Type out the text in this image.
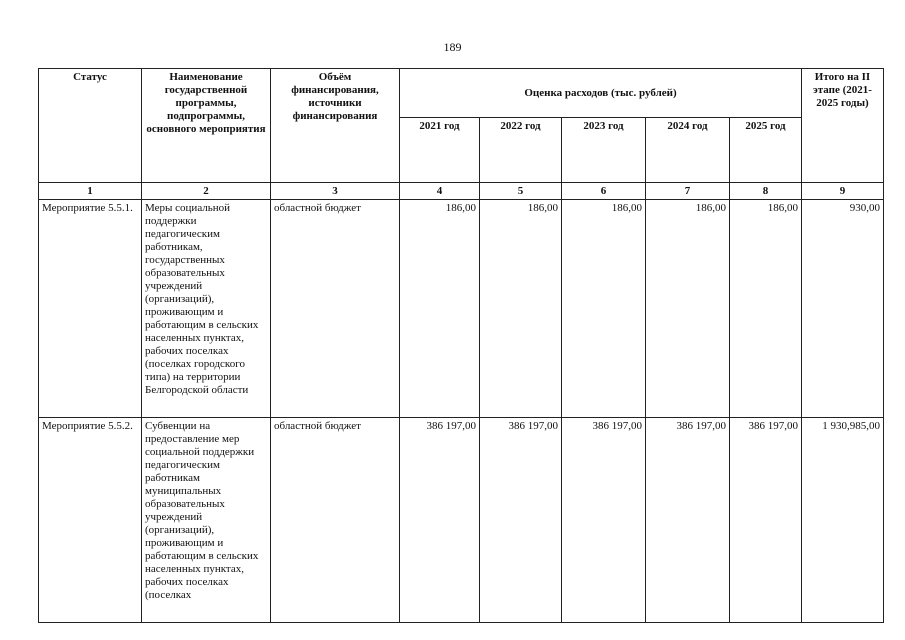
189
Статус	Наименование государственной программы, подпрограммы, основного мероприятия	Объём финансирования, источники финансирования	Оценка расходов (тыс. рублей)					Итого на II этапе (2021-2025 годы)
			2021 год	2022 год	2023 год	2024 год	2025 год	
1	2	3	4	5	6	7	8	9
Мероприятие 5.5.1.	Меры социальной поддержки педагогическим работникам, государственных образовательных учреждений (организаций), проживающим и работающим в сельских населенных пунктах, рабочих поселках (поселках городского типа) на территории Белгородской области	областной бюджет	186,00	186,00	186,00	186,00	186,00	930,00
Мероприятие 5.5.2.	Субвенции на предоставление мер социальной поддержки педагогическим работникам муниципальных образовательных учреждений (организаций), проживающим и работающим в сельских населенных пунктах, рабочих поселках (поселках	областной бюджет	386 197,00	386 197,00	386 197,00	386 197,00	386 197,00	1 930,985,00
